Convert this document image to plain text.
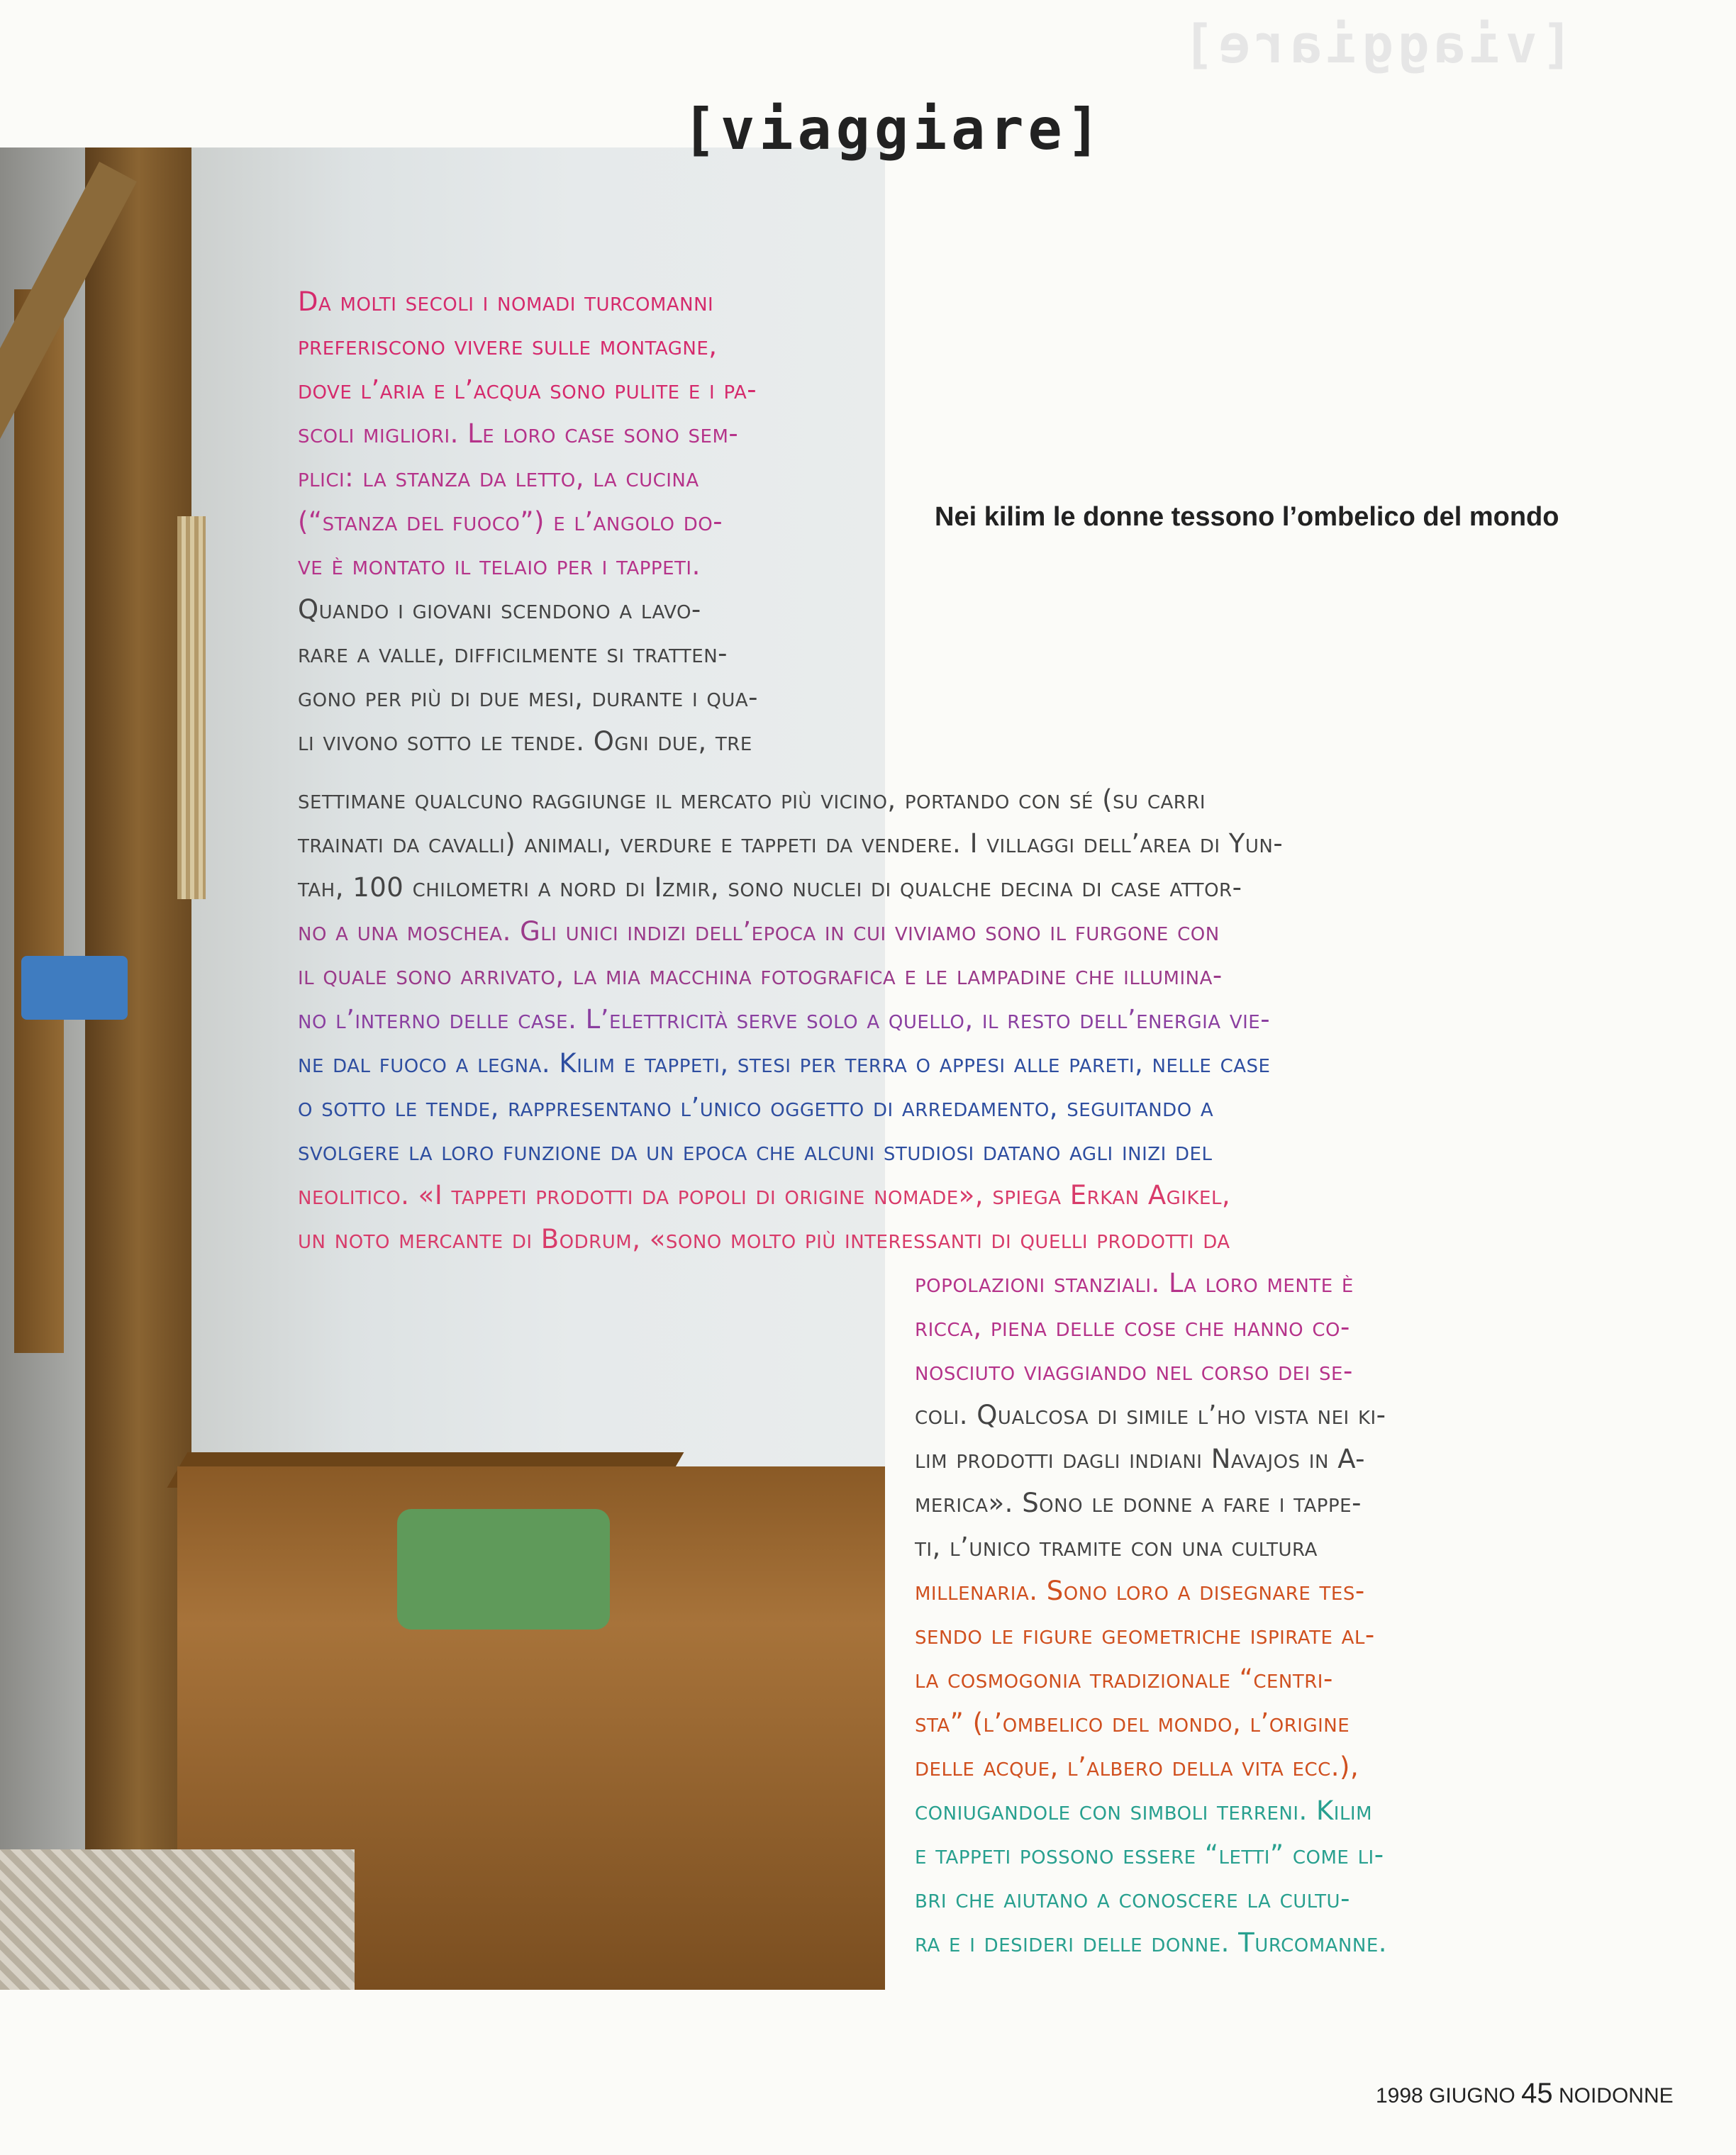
[viaggiare]
[viaggiare]
Nei kilim le donne tessono l’ombelico del mondo

Da molti secoli i nomadi turcomanni
preferiscono vivere sulle montagne,
dove l’aria e l’acqua sono pulite e i pa-
scoli migliori. Le loro case sono sem-
plici: la stanza da letto, la cucina
(“stanza del fuoco”) e l’angolo do-
ve è montato il telaio per i tappeti.
Quando i giovani scendono a lavo-
rare a valle, difficilmente si tratten-
gono per più di due mesi, durante i qua-
li vivono sotto le tende. Ogni due, tre

settimane qualcuno raggiunge il mercato più vicino, portando con sé (su carri
trainati da cavalli) animali, verdure e tappeti da vendere. I villaggi dell’area di Yun-
tah, 100 chilometri a nord di Izmir, sono nuclei di qualche decina di case attor-
no a una moschea. Gli unici indizi dell’epoca in cui viviamo sono il furgone con
il quale sono arrivato, la mia macchina fotografica e le lampadine che illumina-
no l’interno delle case. L’elettricità serve solo a quello, il resto dell’energia vie-
ne dal fuoco a legna. Kilim e tappeti, stesi per terra o appesi alle pareti, nelle case
o sotto le tende, rappresentano l’unico oggetto di arredamento, seguitando a
svolgere la loro funzione da un epoca che alcuni studiosi datano agli inizi del
neolitico. «I tappeti prodotti da popoli di origine nomade», spiega Erkan Agikel,
un noto mercante di Bodrum, «sono molto più interessanti di quelli prodotti da

popolazioni stanziali. La loro mente è
ricca, piena delle cose che hanno co-
nosciuto viaggiando nel corso dei se-
coli. Qualcosa di simile l’ho vista nei ki-
lim prodotti dagli indiani Navajos in A-
merica». Sono le donne a fare i tappe-
ti, l’unico tramite con una cultura
millenaria. Sono loro a disegnare tes-
sendo le figure geometriche ispirate al-
la cosmogonia tradizionale “centri-
sta” (l’ombelico del mondo, l’origine
delle acque, l’albero della vita ecc.),
coniugandole con simboli terreni. Kilim
e tappeti possono essere “letti” come li-
bri che aiutano a conoscere la cultu-
ra e i desideri delle donne. Turcomanne.

1998 GIUGNO 45 NOIDONNE
